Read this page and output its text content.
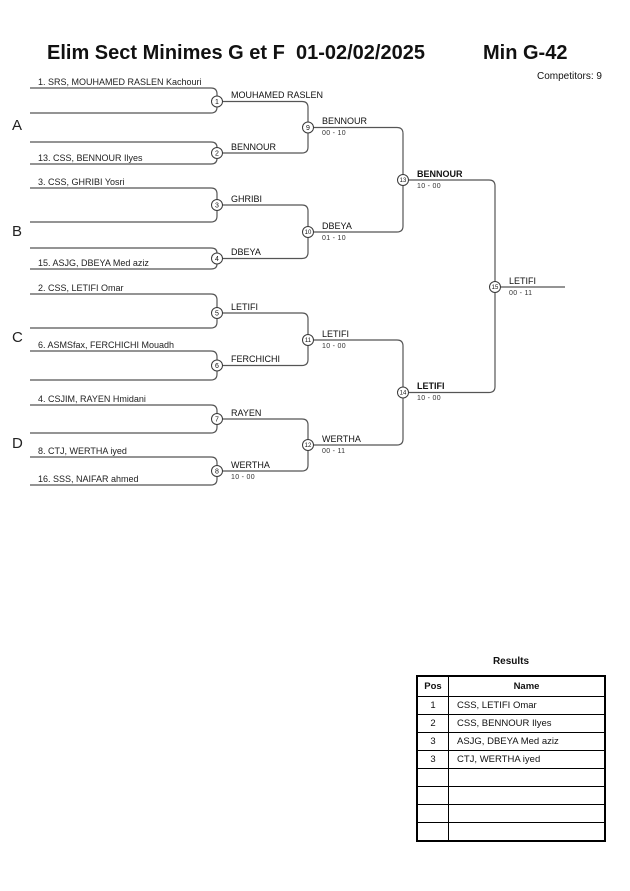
Elim Sect Minimes G et F  01-02/02/2025	Min G-42
Competitors: 9
1
2
3
4
5
6
7
8
9
10
11
12
13
14
15
A
B
C
D
1. SRS, MOUHAMED RASLEN Kachouri
13. CSS, BENNOUR Ilyes
3. CSS, GHRIBI Yosri
15. ASJG, DBEYA Med aziz
2. CSS, LETIFI Omar
6. ASMSfax, FERCHICHI Mouadh
4. CSJIM, RAYEN Hmidani
8. CTJ, WERTHA iyed
16. SSS, NAIFAR ahmed
MOUHAMED RASLEN
BENNOUR
GHRIBI
DBEYA
LETIFI
FERCHICHI
RAYEN
WERTHA
BENNOUR
DBEYA
LETIFI
WERTHA
BENNOUR
LETIFI
LETIFI
10 - 00
00 - 10
01 - 10
10 - 00
00 - 11
10 - 00
10 - 00
00 - 11
Results
Pos	Name
1	CSS, LETIFI Omar
2	CSS, BENNOUR Ilyes
3	ASJG, DBEYA Med aziz
3	CTJ, WERTHA iyed
